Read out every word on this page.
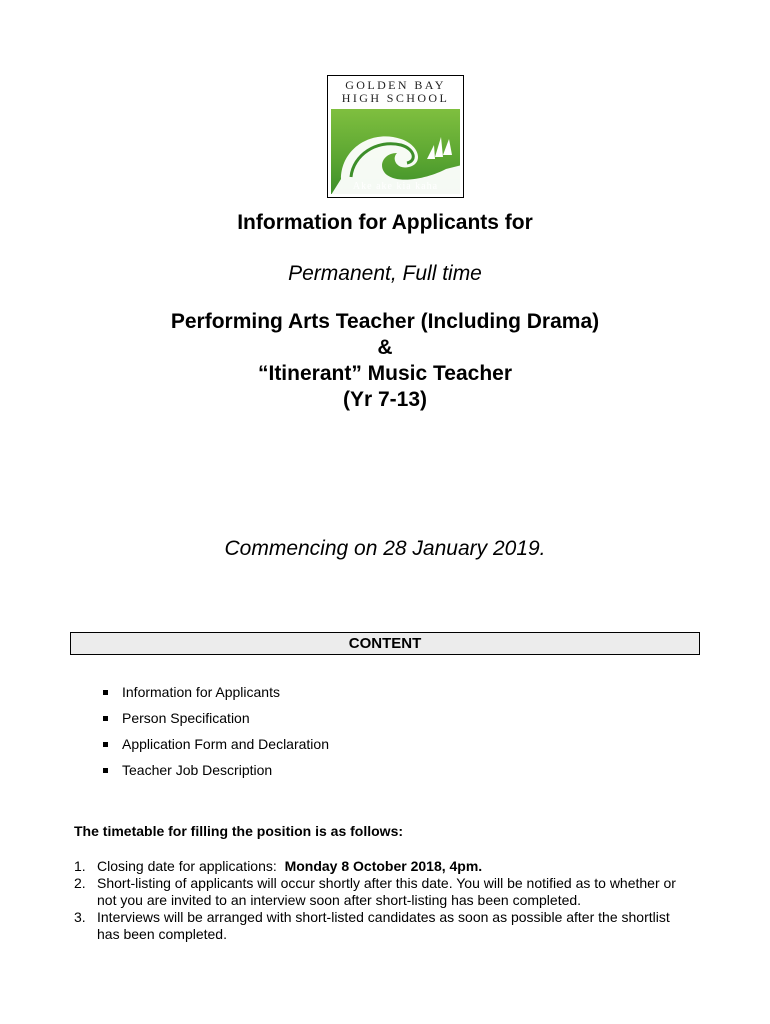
GOLDEN BAY
HIGH SCHOOL
Ake ake kia kaha
Information for Applicants for
Permanent, Full time
Performing Arts Teacher (Including Drama)
&
“Itinerant” Music Teacher
(Yr 7-13)
Commencing on 28 January 2019.
CONTENT
Information for Applicants
Person Specification
Application Form and Declaration
Teacher Job Description
The timetable for filling the position is as follows:
1. Closing date for applications:  Monday 8 October 2018, 4pm.
2. Short-listing of applicants will occur shortly after this date. You will be notified as to whether or not you are invited to an interview soon after short-listing has been completed.
3. Interviews will be arranged with short-listed candidates as soon as possible after the shortlist has been completed.
